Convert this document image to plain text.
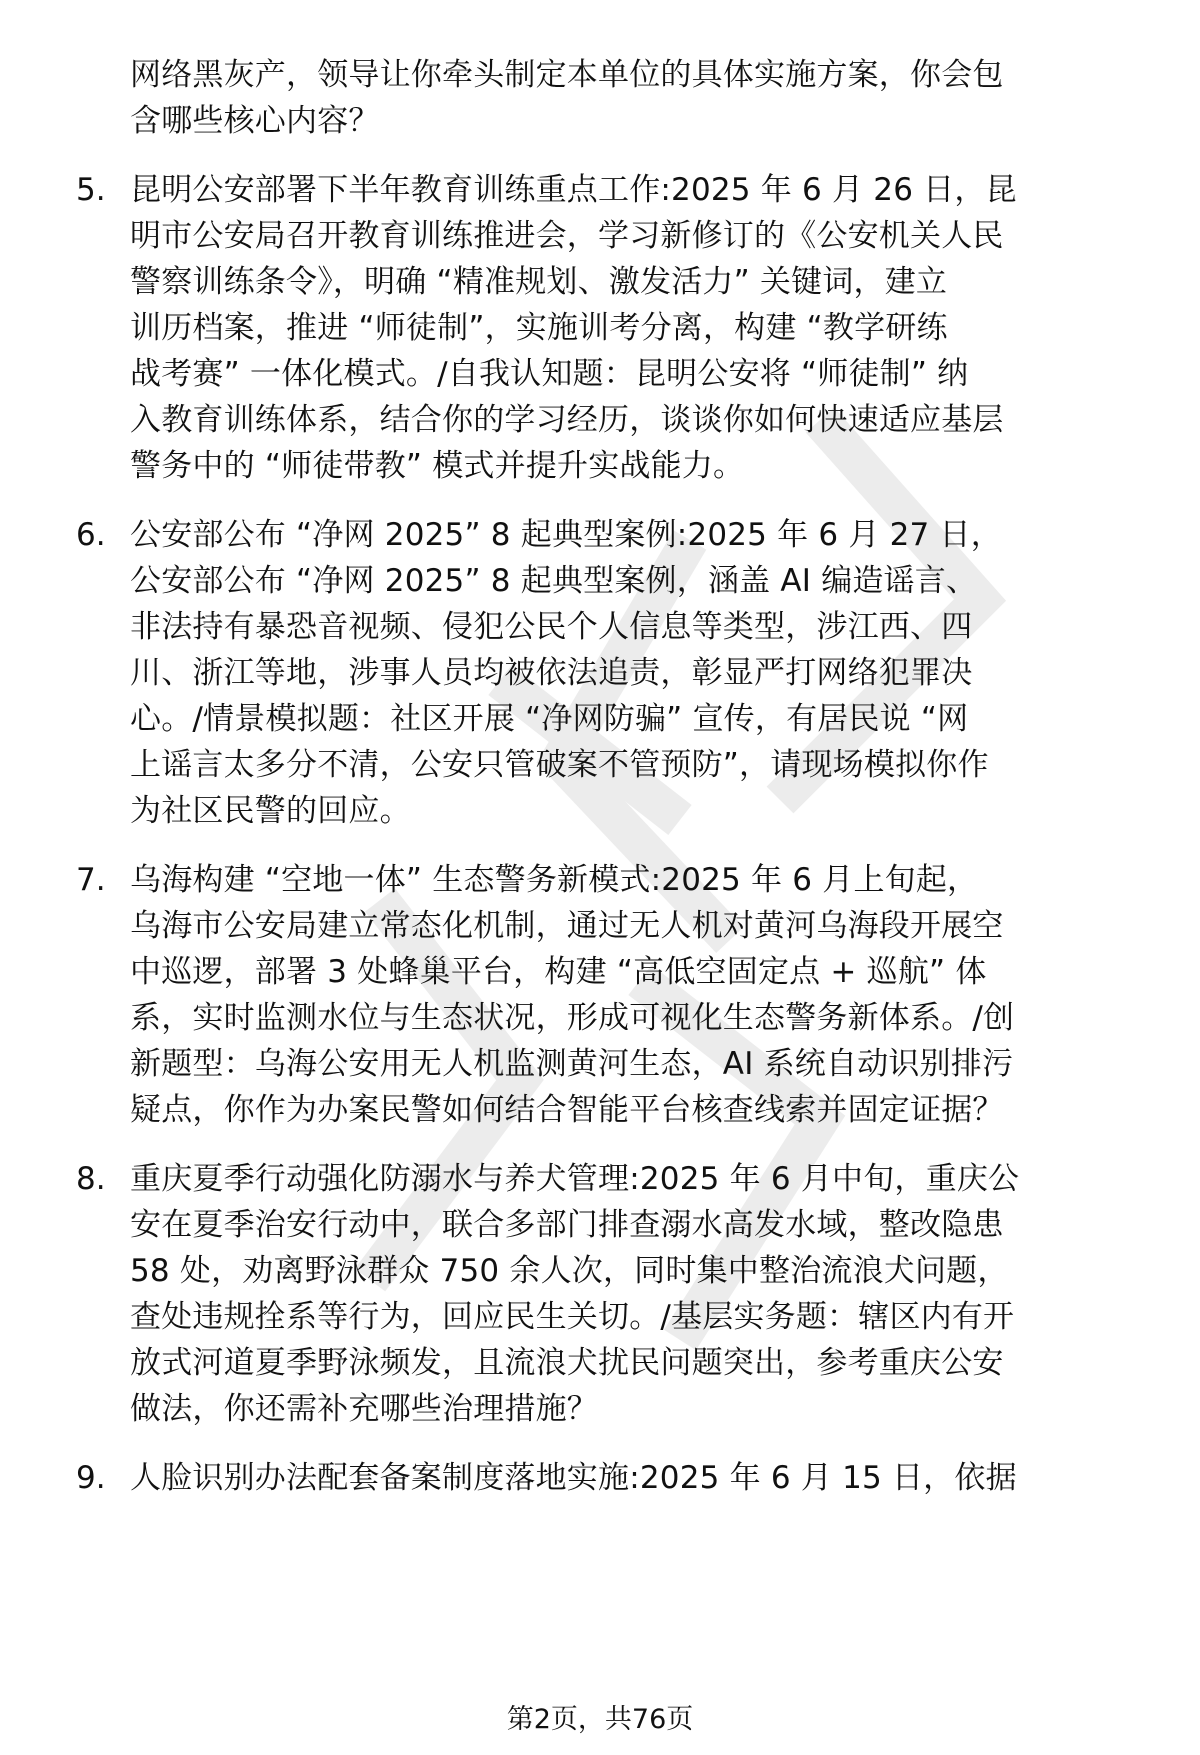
网络黑灰产，领导让你牵头制定本单位的具体实施方案，你会包
含哪些核心内容？
5. 昆明公安部署下半年教育训练重点工作:2025 年 6 月 26 日，昆
明市公安局召开教育训练推进会，学习新修订的《公安机关人民
警察训练条令》，明确 “精准规划、激发活力” 关键词，建立
训历档案，推进 “师徒制”，实施训考分离，构建 “教学研练
战考赛” 一体化模式。/自我认知题：昆明公安将 “师徒制” 纳
入教育训练体系，结合你的学习经历，谈谈你如何快速适应基层
警务中的 “师徒带教” 模式并提升实战能力。
6. 公安部公布 “净网 2025” 8 起典型案例:2025 年 6 月 27 日，
公安部公布 “净网 2025” 8 起典型案例，涵盖 AI 编造谣言、
非法持有暴恐音视频、侵犯公民个人信息等类型，涉江西、四
川、浙江等地，涉事人员均被依法追责，彰显严打网络犯罪决
心。/情景模拟题：社区开展 “净网防骗” 宣传，有居民说 “网
上谣言太多分不清，公安只管破案不管预防”，请现场模拟你作
为社区民警的回应。
7. 乌海构建 “空地一体” 生态警务新模式:2025 年 6 月上旬起，
乌海市公安局建立常态化机制，通过无人机对黄河乌海段开展空
中巡逻，部署 3 处蜂巢平台，构建 “高低空固定点 + 巡航” 体
系，实时监测水位与生态状况，形成可视化生态警务新体系。/创
新题型：乌海公安用无人机监测黄河生态，AI 系统自动识别排污
疑点，你作为办案民警如何结合智能平台核查线索并固定证据？
8. 重庆夏季行动强化防溺水与养犬管理:2025 年 6 月中旬，重庆公
安在夏季治安行动中，联合多部门排查溺水高发水域，整改隐患
58 处，劝离野泳群众 750 余人次，同时集中整治流浪犬问题，
查处违规拴系等行为，回应民生关切。/基层实务题：辖区内有开
放式河道夏季野泳频发，且流浪犬扰民问题突出，参考重庆公安
做法，你还需补充哪些治理措施？
9. 人脸识别办法配套备案制度落地实施:2025 年 6 月 15 日，依据
第2页，共76页
